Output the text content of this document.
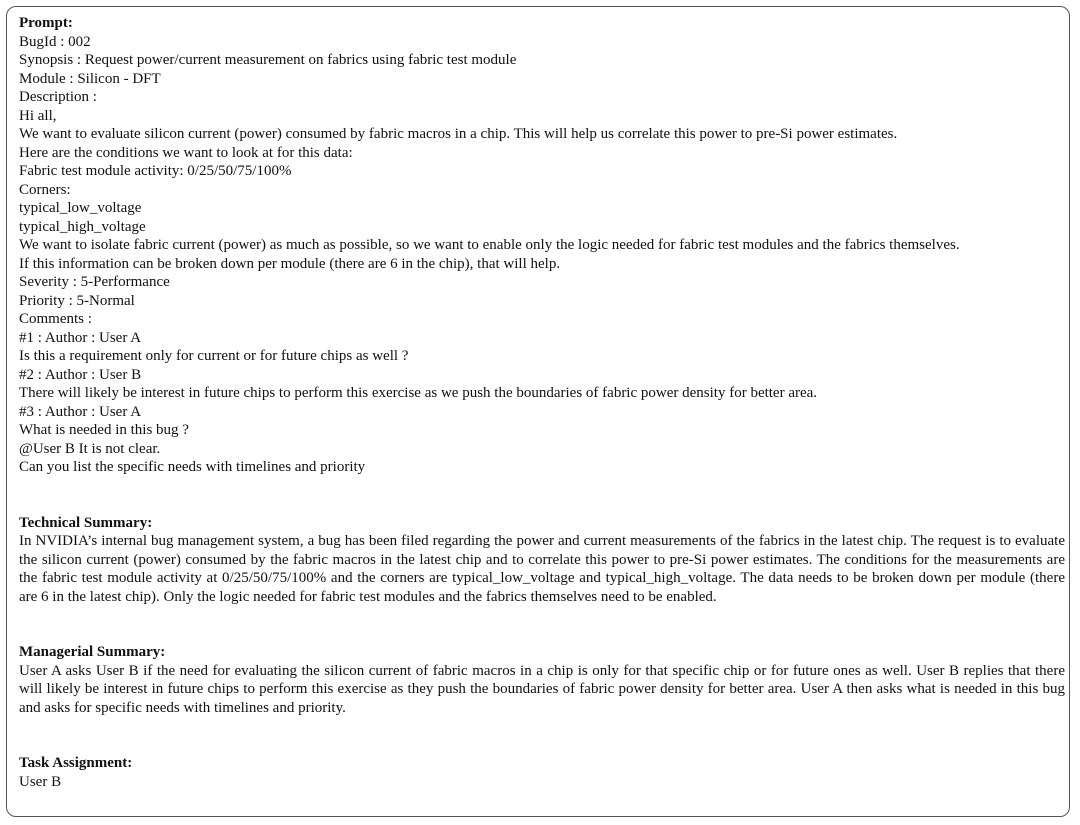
Prompt:
BugId : 002
Synopsis : Request power/current measurement on fabrics using fabric test module
Module : Silicon - DFT
Description :
Hi all,
We want to evaluate silicon current (power) consumed by fabric macros in a chip. This will help us correlate this power to pre-Si power estimates.
Here are the conditions we want to look at for this data:
Fabric test module activity: 0/25/50/75/100%
Corners:
typical_low_voltage
typical_high_voltage
We want to isolate fabric current (power) as much as possible, so we want to enable only the logic needed for fabric test modules and the fabrics themselves.
If this information can be broken down per module (there are 6 in the chip), that will help.
Severity : 5-Performance
Priority : 5-Normal
Comments :
#1 : Author : User A
Is this a requirement only for current or for future chips as well ?
#2 : Author : User B
There will likely be interest in future chips to perform this exercise as we push the boundaries of fabric power density for better area.
#3 : Author : User A
What is needed in this bug ?
@User B It is not clear.
Can you list the specific needs with timelines and priority
Technical Summary:
In NVIDIA’s internal bug management system, a bug has been filed regarding the power and current measurements of the fabrics in the latest chip. The request is to evaluate the silicon current (power) consumed by the fabric macros in the latest chip and to correlate this power to pre-Si power estimates. The conditions for the measurements are the fabric test module activity at 0/25/50/75/100% and the corners are typical_low_voltage and typical_high_voltage. The data needs to be broken down per module (there are 6 in the latest chip). Only the logic needed for fabric test modules and the fabrics themselves need to be enabled.
Managerial Summary:
User A asks User B if the need for evaluating the silicon current of fabric macros in a chip is only for that specific chip or for future ones as well. User B replies that there will likely be interest in future chips to perform this exercise as they push the boundaries of fabric power density for better area. User A then asks what is needed in this bug and asks for specific needs with timelines and priority.
Task Assignment:
User B
